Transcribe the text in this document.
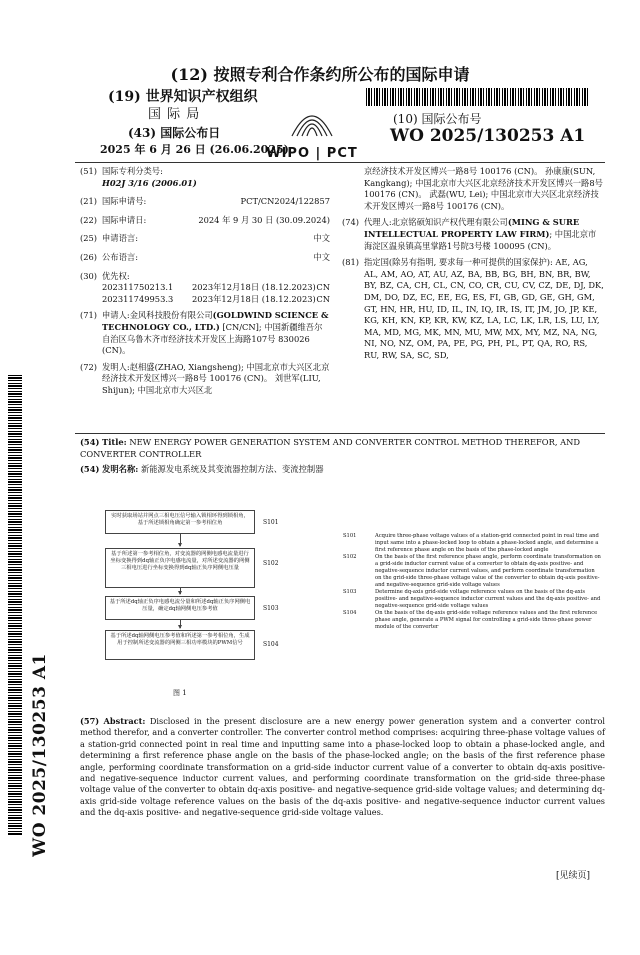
(12) 按照专利合作条约所公布的国际申请
(19) 世界知识产权组织
国 际 局
WIPO | PCT
(43) 国际公布日
2025 年 6 月 26 日 (26.06.2025)
(10) 国际公布号
WO 2025/130253 A1
WO 2025/130253 A1
(51) 国际专利分类号:
H02J 3/16 (2006.01)
(21) 国际申请号:	PCT/CN2024/122857
(22) 国际申请日:	2024 年 9 月 30 日 (30.09.2024)
(25) 申请语言:	中文
(26) 公布语言:	中文
(30) 优先权:
202311750213.1	2023年12月18日 (18.12.2023) CN
202311749953.3	2023年12月18日 (18.12.2023) CN
(71) 申请人:金风科技股份有限公司(GOLDWIND SCIENCE & TECHNOLOGY CO., LTD.) [CN/CN]; 中国新疆维吾尔自治区乌鲁木齐市经济技术开发区上海路107号 830026 (CN)。
(72) 发明人:赵相盛(ZHAO, Xiangsheng); 中国北京市大兴区北京经济技术开发区博兴一路8号 100176 (CN)。 刘世军(LIU, Shijun); 中国北京市大兴区北
京经济技术开发区博兴一路8号 100176 (CN)。 孙康康(SUN, Kangkang); 中国北京市大兴区北京经济技术开发区博兴一路8号 100176 (CN)。 武磊(WU, Lei); 中国北京市大兴区北京经济技术开发区博兴一路8号 100176 (CN)。
(74) 代理人:北京铭硕知识产权代理有限公司(MING & SURE INTELLECTUAL PROPERTY LAW FIRM); 中国北京市海淀区温泉镇高里掌路1号院3号楼 100095 (CN)。
(81) 指定国(除另有指明, 要求每一种可提供的国家保护): AE, AG, AL, AM, AO, AT, AU, AZ, BA, BB, BG, BH, BN, BR, BW, BY, BZ, CA, CH, CL, CN, CO, CR, CU, CV, CZ, DE, DJ, DK, DM, DO, DZ, EC, EE, EG, ES, FI, GB, GD, GE, GH, GM, GT, HN, HR, HU, ID, IL, IN, IQ, IR, IS, IT, JM, JO, JP, KE, KG, KH, KN, KP, KR, KW, KZ, LA, LC, LK, LR, LS, LU, LY, MA, MD, MG, MK, MN, MU, MW, MX, MY, MZ, NA, NG, NI, NO, NZ, OM, PA, PE, PG, PH, PL, PT, QA, RO, RS, RU, RW, SA, SC, SD,
(54) Title: NEW ENERGY POWER GENERATION SYSTEM AND CONVERTER CONTROL METHOD THEREFOR, AND CONVERTER CONTROLLER
(54) 发明名称: 新能源发电系统及其变流器控制方法、变流控制器
实时获取场站并网点三相电压信号输入锁相环得到锁相角，基于所述锁相角确定第一参考相位角	S101
基于所述第一参考相位角，对变流器的网侧电感电流量进行坐标变换得到dq轴正负序电感电流量，对所述变流器的网侧三相电压进行坐标变换得到dq轴正负序网侧电压量
S102
基于所述dq轴正负序电感电流分量和所述dq轴正负序网侧电压量，确定dq轴网侧电压参考值	S103
基于所述dq轴网侧电压参考值和所述第一参考相位角，生成用于控制所述变流器的网侧三相功率模块的PWM信号	S104
图 1
S101	Acquire three-phase voltage values of a station-grid connected point in real time and input same into a phase-locked loop to obtain a phase-locked angle, and determine a first reference phase angle on the basis of the phase-locked angle
S102	On the basis of the first reference phase angle, perform coordinate transformation on a grid-side inductor current value of a converter to obtain dq-axis positive- and negative-sequence inductor current values, and perform coordinate transformation on the grid-side three-phase voltage value of the converter to obtain dq-axis positive- and negative-sequence grid-side voltage values
S103	Determine dq-axis grid-side voltage reference values on the basis of the dq-axis positive- and negative-sequence inductor current values and the dq-axis positive- and negative-sequence grid-side voltage values
S104	On the basis of the dq-axis grid-side voltage reference values and the first reference phase angle, generate a PWM signal for controlling a grid-side three-phase power module of the converter
(57) Abstract: Disclosed in the present disclosure are a new energy power generation system and a converter control method therefor, and a converter controller. The converter control method comprises: acquiring three-phase voltage values of a station-grid connected point in real time and inputting same into a phase-locked loop to obtain a phase-locked angle, and determining a first reference phase angle on the basis of the phase-locked angle; on the basis of the first reference phase angle, performing coordinate transformation on a grid-side inductor current value of a converter to obtain dq-axis positive- and negative-sequence inductor current values, and performing coordinate transformation on the grid-side three-phase voltage value of the converter to obtain dq-axis positive- and negative-sequence grid-side voltage values; and determining dq-axis grid-side voltage reference values on the basis of the dq-axis positive- and negative-sequence inductor current values and the dq-axis positive- and negative-sequence grid-side voltage values.
[见续页]
